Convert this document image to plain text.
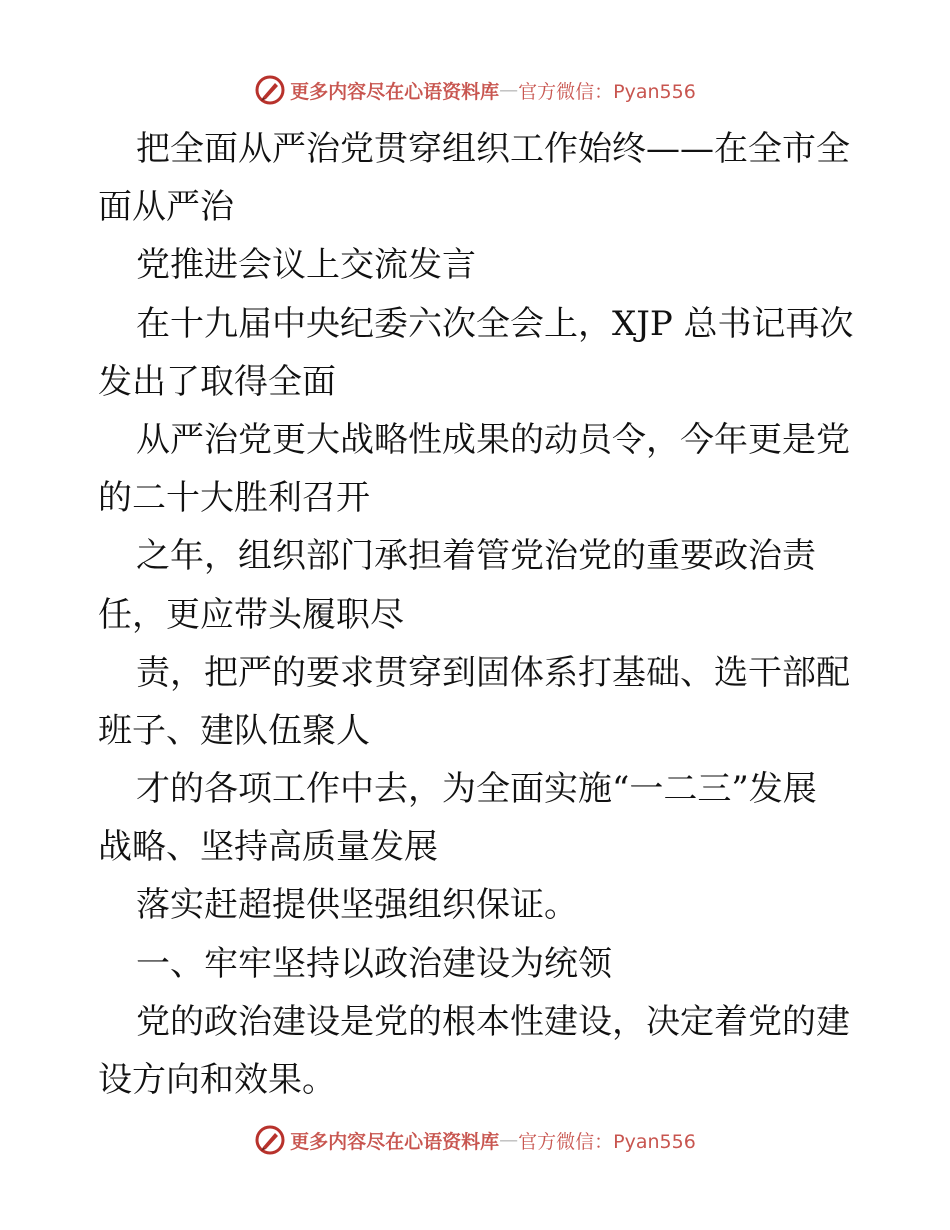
更多内容尽在心语资料库 — 官方微信：Pyan556
把全面从严治党贯穿组织工作始终——在全市全
面从严治
党推进会议上交流发言
在十九届中央纪委六次全会上，XJP 总书记再次
发出了取得全面
从严治党更大战略性成果的动员令，今年更是党
的二十大胜利召开
之年，组织部门承担着管党治党的重要政治责
任，更应带头履职尽
责，把严的要求贯穿到固体系打基础、选干部配
班子、建队伍聚人
才的各项工作中去，为全面实施“一二三”发展
战略、坚持高质量发展
落实赶超提供坚强组织保证。
一、牢牢坚持以政治建设为统领
党的政治建设是党的根本性建设，决定着党的建
设方向和效果。
更多内容尽在心语资料库 — 官方微信：Pyan556
